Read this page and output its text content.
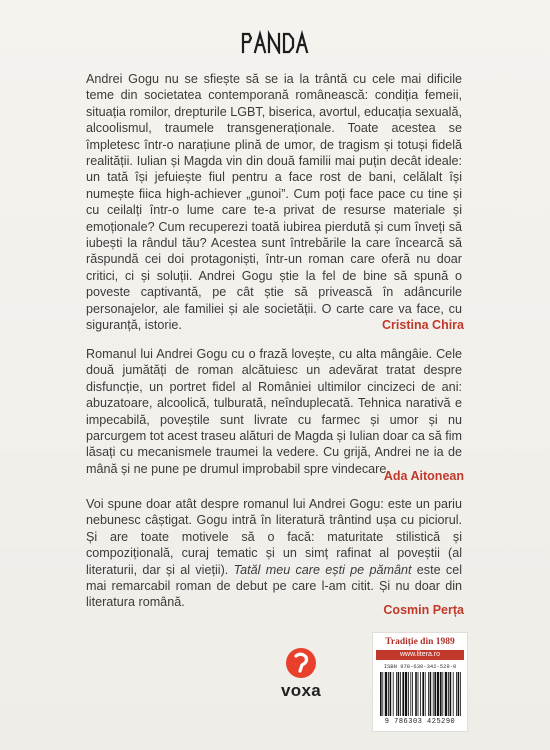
Andrei Gogu nu se sfiește să se ia la trântă cu cele mai dificile teme din societatea contemporană românească: condiția femeii, situația romilor, drepturile LGBT, biserica, avortul, educația sexuală, alcoolismul, traumele transgeneraționale. Toate acestea se împletesc într-o narațiune plină de umor, de tragism și totuși fidelă realității. Iulian și Magda vin din două familii mai puțin decât ideale: un tată își jefuiește fiul pentru a face rost de bani, celălalt își numește fiica high-achiever „gunoi”. Cum poți face pace cu tine și cu ceilalți într-o lume care te-a privat de resurse materiale și emoționale? Cum recuperezi toată iubirea pierdută și cum înveți să iubești la rândul tău? Acestea sunt întrebările la care încearcă să răspundă cei doi protagoniști, într-un roman care oferă nu doar critici, ci și soluții. Andrei Gogu știe la fel de bine să spună o poveste captivantă, pe cât știe să privească în adâncurile personajelor, ale familiei și ale societății. O carte care va face, cu siguranță, istorie.	Cristina Chira
Romanul lui Andrei Gogu cu o frază lovește, cu alta mângâie. Cele două jumătăți de roman alcătuiesc un adevărat tratat despre disfuncție, un portret fidel al României ultimilor cincizeci de ani: abuzatoare, alcoolică, tulburată, neîndupleсată. Tehnica narativă e impecabilă, poveștile sunt livrate cu farmec și umor și nu parcurgem tot acest traseu alături de Magda și Iulian doar ca să fim lăsați cu mecanismele traumei la vedere. Cu grijă, Andrei ne ia de mână și ne pune pe drumul improbabil spre vindecare.
Ada Aitonean
Voi spune doar atât despre romanul lui Andrei Gogu: este un pariu nebunesc câștigat. Gogu intră în literatură trântind ușa cu piciorul. Și are toate motivele să o facă: maturitate stilistică și compozițională, curaj tematic și un simț rafinat al poveștii (al literaturii, dar și al vieții). Tatăl meu care ești pe pământ este cel mai remarcabil roman de debut pe care l-am citit. Și nu doar din literatura română.
Cosmin Perța
voxa
Tradiție din 1989
www.litera.ro
ISBN 978-630-342-529-0
9 786303 425290
